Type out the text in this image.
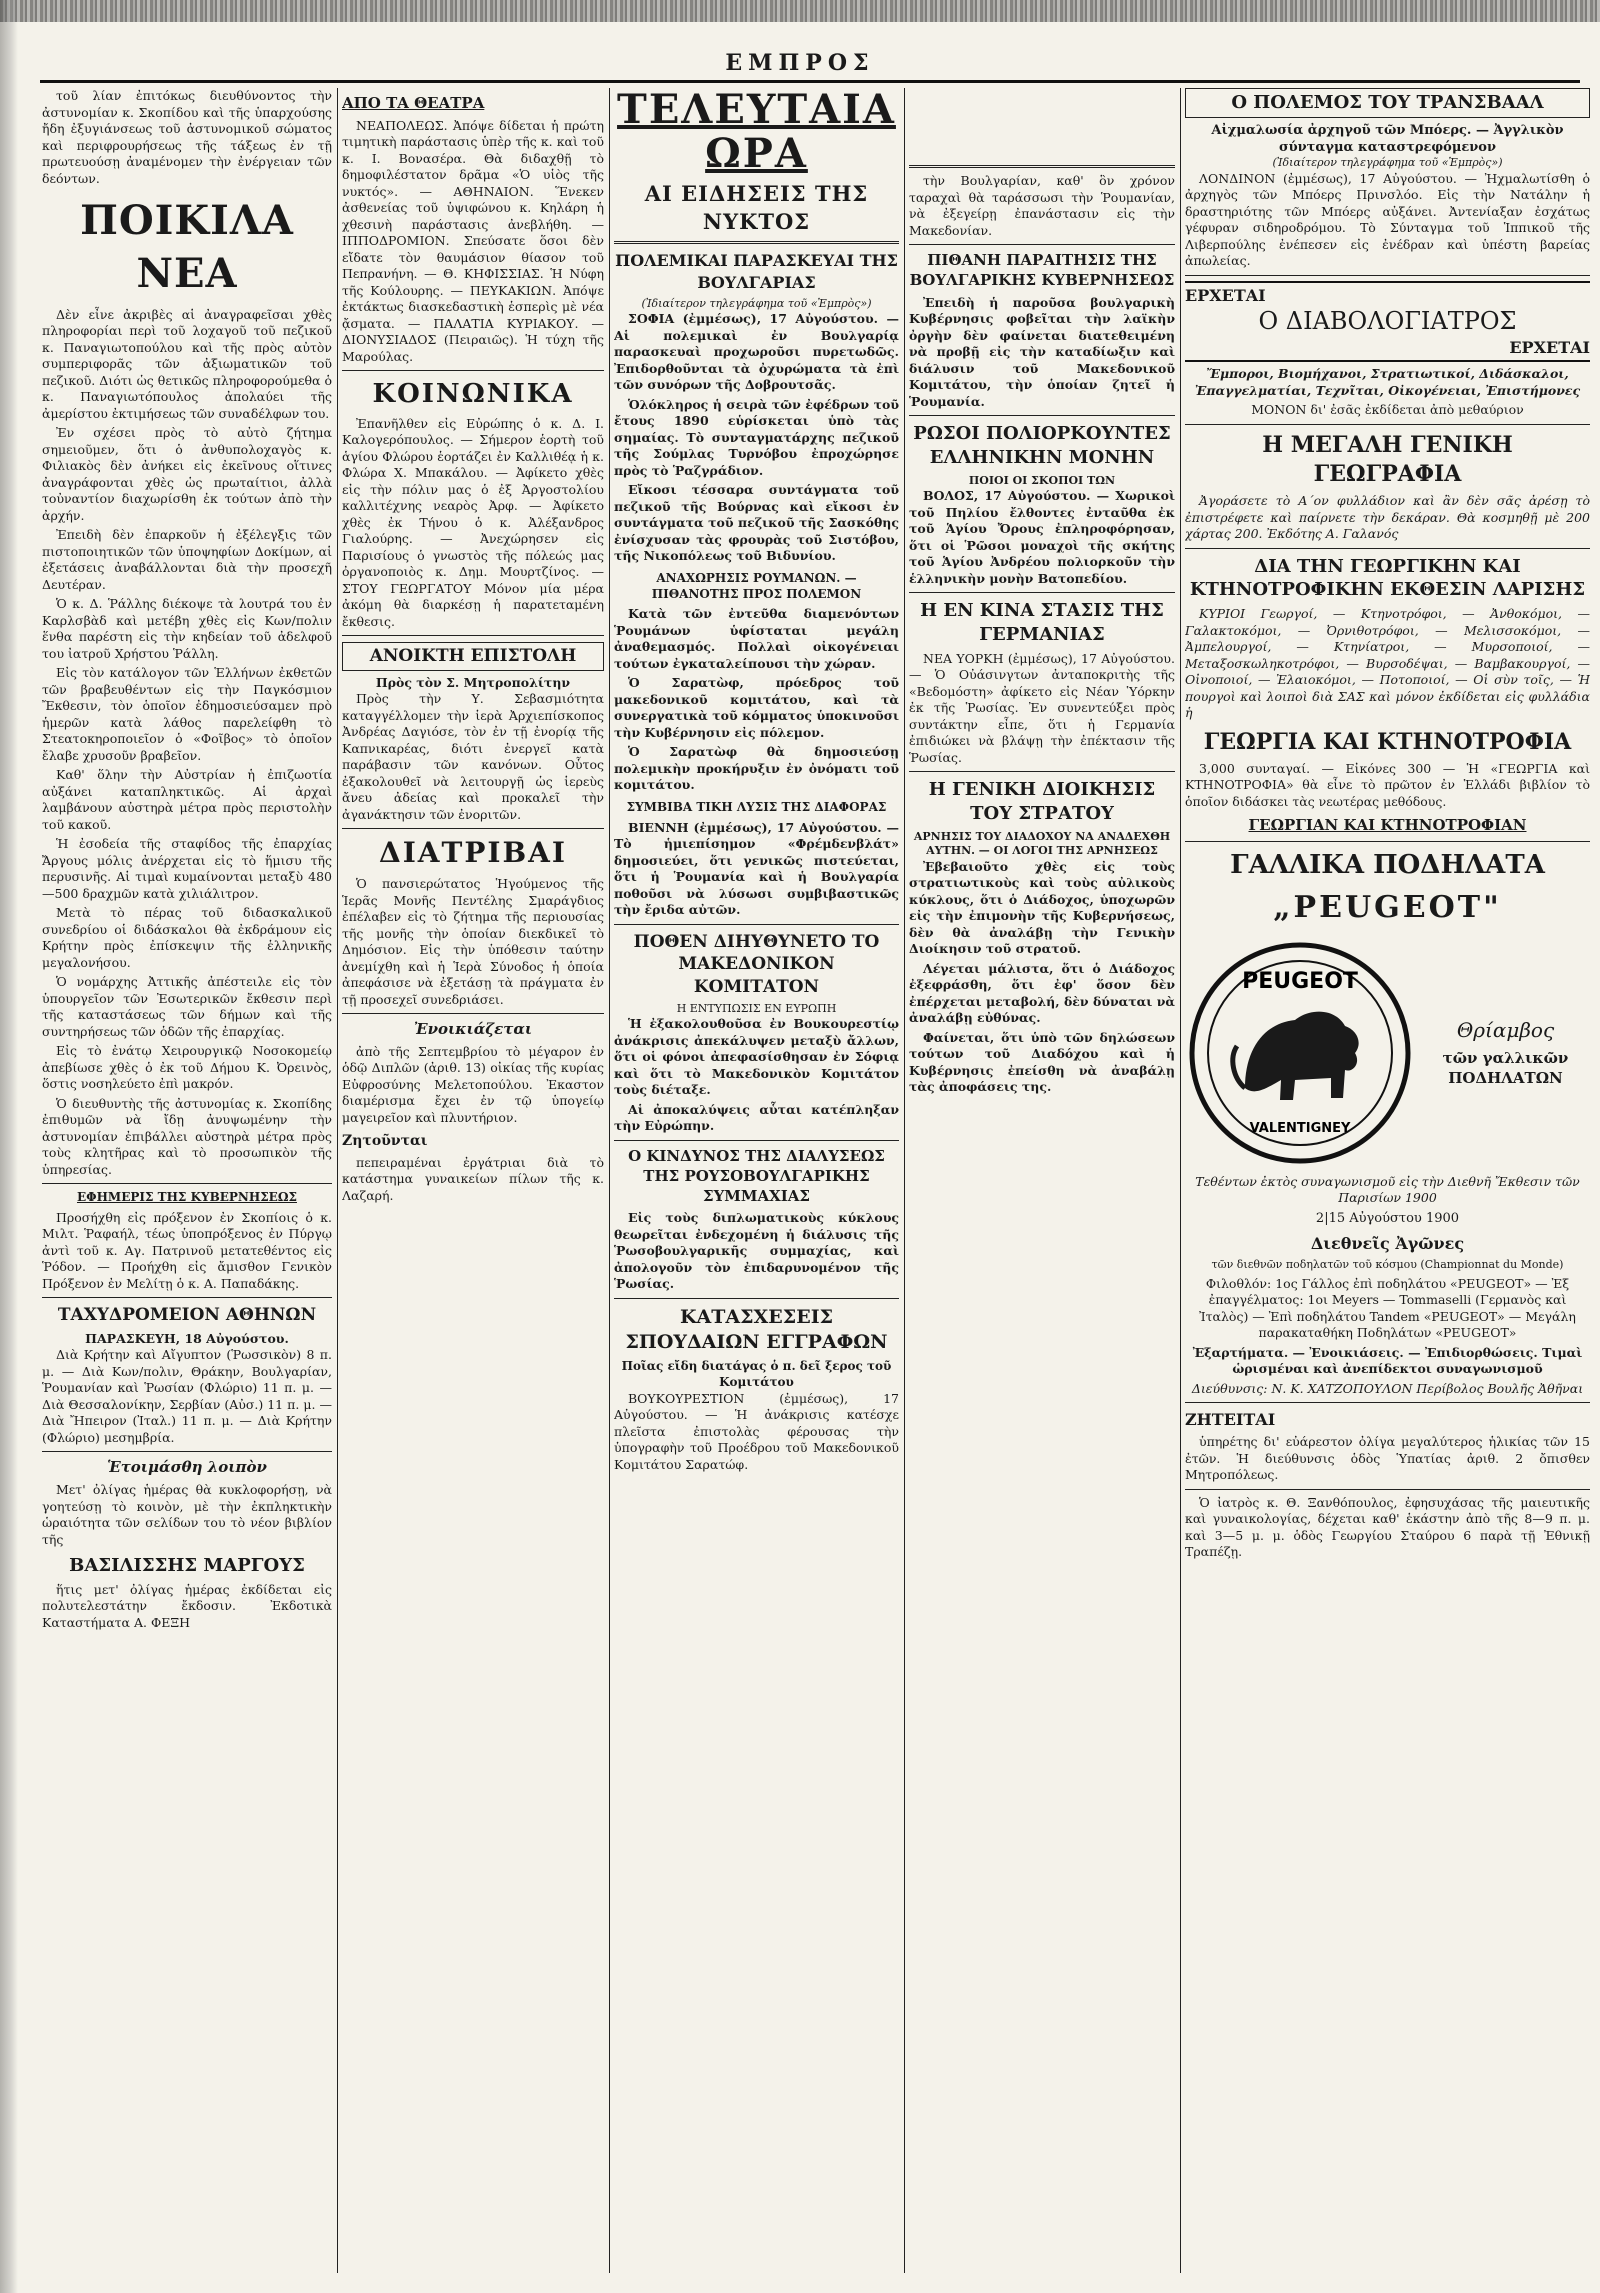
ΕΜΠΡΟΣ

τοῦ λίαν ἐπιτόκως διευθύνοντος τὴν ἀστυνομίαν κ. Σκοπίδου καὶ τῆς ὑπαρχούσης ἤδη ἐξυγιάνσεως τοῦ ἀστυνομικοῦ σώματος καὶ περιφρουρήσεως τῆς τάξεως ἐν τῇ πρωτευούσῃ ἀναμένομεν τὴν ἐνέργειαν τῶν δεόντων.

ΠΟΙΚΙΛΑ ΝΕΑ

Δὲν εἶνε ἀκριβὲς αἱ ἀναγραφεῖσαι χθὲς πληροφορίαι περὶ τοῦ λοχαγοῦ τοῦ πεζικοῦ κ. Παναγιωτοπούλου καὶ τῆς πρὸς αὐτὸν συμπεριφορᾶς τῶν ἀξιωματικῶν τοῦ πεζικοῦ. Διότι ὡς θετικῶς πληροφορούμεθα ὁ κ. Παναγιωτόπουλος ἀπολαύει τῆς ἀμερίστου ἐκτιμήσεως τῶν συναδέλφων του.

Ἐν σχέσει πρὸς τὸ αὐτὸ ζήτημα σημειοῦμεν, ὅτι ὁ ἀνθυπολοχαγὸς κ. Φιλιακὸς δὲν ἀνήκει εἰς ἐκεῖνους οἵτινες ἀναγράφονται χθὲς ὡς πρωταίτιοι, ἀλλὰ τοὐναντίον διαχωρίσθη ἐκ τούτων ἀπὸ τὴν ἀρχήν.

Ἐπειδὴ δὲν ἐπαρκοῦν ἡ ἐξέλεγξις τῶν πιστοποιητικῶν τῶν ὑποψηφίων Δοκίμων, αἱ ἐξετάσεις ἀναβάλλονται διὰ τὴν προσεχῆ Δευτέραν.

Ὁ κ. Δ. Ῥάλλης διέκοψε τὰ λουτρά του ἐν Καρλσβὰδ καὶ μετέβη χθὲς εἰς Κων/πολιν ἕνθα παρέστη εἰς τὴν κηδείαν τοῦ ἀδελφοῦ του ἰατροῦ Χρήστου Ῥάλλη.

Εἰς τὸν κατάλογον τῶν Ἑλλήνων ἐκθετῶν τῶν βραβευθέντων εἰς τὴν Παγκόσμιον Ἔκθεσιν, τὸν ὁποῖον ἐδημοσιεύσαμεν πρὸ ἡμερῶν κατὰ λάθος παρελείφθη τὸ Στεατοκηροποιεῖον ὁ «Φοῖβος» τὸ ὁποῖον ἔλαβε χρυσοῦν βραβεῖον.

Καθ' ὅλην τὴν Αὐστρίαν ἡ ἐπιζωοτία αὐξάνει καταπληκτικῶς. Αἱ ἀρχαὶ λαμβάνουν αὐστηρὰ μέτρα πρὸς περιστολὴν τοῦ κακοῦ.

Ἡ ἐσοδεία τῆς σταφίδος τῆς ἐπαρχίας Ἄργους μόλις ἀνέρχεται εἰς τὸ ἥμισυ τῆς περυσινῆς. Αἱ τιμαὶ κυμαίνονται μεταξὺ 480—500 δραχμῶν κατὰ χιλιάλιτρον.

Μετὰ τὸ πέρας τοῦ διδασκαλικοῦ συνεδρίου οἱ διδάσκαλοι θὰ ἐκδράμουν εἰς Κρήτην πρὸς ἐπίσκεψιν τῆς ἑλληνικῆς μεγαλονήσου.

Ὁ νομάρχης Ἀττικῆς ἀπέστειλε εἰς τὸν ὑπουργεῖον τῶν Ἐσωτερικῶν ἔκθεσιν περὶ τῆς καταστάσεως τῶν δήμων καὶ τῆς συντηρήσεως τῶν ὁδῶν τῆς ἐπαρχίας.

Εἰς τὸ ἐνάτῳ Χειρουργικῷ Νοσοκομείῳ ἀπεβίωσε χθὲς ὁ ἐκ τοῦ Δήμου Κ. Ὀρεινὸς, ὅστις νοσηλεύετο ἐπὶ μακρόν.

Ὁ διευθυντὴς τῆς ἀστυνομίας κ. Σκοπίδης ἐπιθυμῶν νὰ ἴδῃ ἀνυψωμένην τὴν ἀστυνομίαν ἐπιβάλλει αὐστηρὰ μέτρα πρὸς τοὺς κλητῆρας καὶ τὸ προσωπικὸν τῆς ὑπηρεσίας.

ΕΦΗΜΕΡΙΣ ΤΗΣ ΚΥΒΕΡΝΗΣΕΩΣ

Προσήχθη εἰς πρόξενον ἐν Σκοπίοις ὁ κ. Μιλτ. Ῥαφαήλ, τέως ὑποπρόξενος ἐν Πύργῳ ἀντὶ τοῦ κ. Αγ. Πατρινοῦ μετατεθέντος εἰς Ῥόδον. — Προήχθη εἰς ἄμισθον Γενικὸν Πρόξενον ἐν Μελίτῃ ὁ κ. Α. Παπαδάκης.

ΤΑΧΥΔΡΟΜΕΙΟΝ ΑΘΗΝΩΝ
ΠΑΡΑΣΚΕΥΗ, 18 Αὐγούστου.

Διὰ Κρήτην καὶ Αἴγυπτον (Ῥωσσικὸν) 8 π. μ. — Διὰ Κων/πολιν, Θράκην, Βουλγαρίαν, Ῥουμανίαν καὶ Ῥωσίαν (Φλώριο) 11 π. μ. — Διὰ Θεσσαλονίκην, Σερβίαν (Αὐσ.) 11 π. μ. — Διὰ Ἤπειρον (Ἰταλ.) 11 π. μ. — Διὰ Κρήτην (Φλώριο) μεσημβρία.

Ἑτοιμάσθη λοιπὸν

Μετ' ὀλίγας ἡμέρας θὰ κυκλοφορήσῃ, νὰ γοητεύσῃ τὸ κοινὸν, μὲ τὴν ἐκπληκτικὴν ὡραιότητα τῶν σελίδων του τὸ νέον βιβλίον τῆς

ΒΑΣΙΛΙΣΣΗΣ ΜΑΡΓΟΥΣ

ἥτις μετ' ὀλίγας ἡμέρας ἐκδίδεται εἰς πολυτελεστάτην ἔκδοσιν. Ἐκδοτικὰ Καταστήματα Α. ΦΕΞΗ

ΑΠΟ ΤΑ ΘΕΑΤΡΑ

ΝΕΑΠΟΛΕΩΣ. Ἀπόψε δίδεται ἡ πρώτη τιμητικὴ παράστασις ὑπὲρ τῆς κ. καὶ τοῦ κ. Ι. Βονασέρα. Θὰ διδαχθῇ τὸ δημοφιλέστατον δρᾶμα «Ὁ υἱὸς τῆς νυκτός». — ΑΘΗΝΑΙΟΝ. Ἕνεκεν ἀσθενείας τοῦ ὑψιφώνου κ. Κηλάρη ἡ χθεσινὴ παράστασις ἀνεβλήθη. — ΙΠΠΟΔΡΟΜΙΟΝ. Σπεύσατε ὅσοι δὲν εἴδατε τὸν θαυμάσιον θίασον τοῦ Πεπρανήνη. — Θ. ΚΗΦΙΣΣΙΑΣ. Ἡ Νύφη τῆς Κούλουρης. — ΠΕΥΚΑΚΙΩΝ. Ἀπόψε ἐκτάκτως διασκεδαστικὴ ἑσπερὶς μὲ νέα ᾄσματα. — ΠΑΛΑΤΙΑ ΚΥΡΙΑΚΟΥ. — ΔΙΟΝΥΣΙΑΔΟΣ (Πειραιῶς). Ἡ τύχη τῆς Μαρούλας.

ΚΟΙΝΩΝΙΚΑ

Ἐπανῆλθεν εἰς Εὐρώπης ὁ κ. Δ. Ι. Καλογερόπουλος. — Σήμερον ἑορτὴ τοῦ ἁγίου Φλώρου ἑορτάζει ἐν Καλλιθέᾳ ἡ κ. Φλώρα Χ. Μπακάλου. — Ἀφίκετο χθὲς εἰς τὴν πόλιν μας ὁ ἐξ Ἀργοστολίου καλλιτέχνης νεαρὸς Ἀρφ. — Ἀφίκετο χθὲς ἐκ Τήνου ὁ κ. Ἀλέξανδρος Γιαλούρης. — Ἀνεχώρησεν εἰς Παρισίους ὁ γνωστὸς τῆς πόλεώς μας ὀργανοποιὸς κ. Δημ. Μουρτζίνος. — ΣΤΟΥ ΓΕΩΡΓΑΤΟΥ Μόνον μία μέρα ἀκόμη θὰ διαρκέσῃ ἡ παρατεταμένη ἔκθεσις.

ΑΝΟΙΚΤΗ ΕΠΙΣΤΟΛΗ
Πρὸς τὸν Σ. Μητροπολίτην

Πρὸς τὴν Υ. Σεβασμιότητα καταγγέλλομεν τὴν ἱερὰ Ἀρχιεπίσκοπος Ἀνδρέας Δαγιόσε, τὸν ἐν τῇ ἐνορίᾳ τῆς Καπνικαρέας, διότι ἐνεργεῖ κατὰ παράβασιν τῶν κανόνων. Οὗτος ἐξακολουθεῖ νὰ λειτουργῇ ὡς ἱερεὺς ἄνευ ἀδείας καὶ προκαλεῖ τὴν ἀγανάκτησιν τῶν ἐνοριτῶν.

ΔΙΑΤΡΙΒΑΙ

Ὁ πανσιερώτατος Ἡγούμενος τῆς Ἱερᾶς Μονῆς Πεντέλης Σμαράγδιος ἐπέλαβεν εἰς τὸ ζήτημα τῆς περιουσίας τῆς μονῆς τὴν ὁποίαν διεκδικεῖ τὸ Δημόσιον. Εἰς τὴν ὑπόθεσιν ταύτην ἀνεμίχθη καὶ ἡ Ἱερὰ Σύνοδος ἡ ὁποία ἀπεφάσισε νὰ ἐξετάσῃ τὰ πράγματα ἐν τῇ προσεχεῖ συνεδριάσει.

Ἐνοικιάζεται

ἀπὸ τῆς Σεπτεμβρίου τὸ μέγαρον ἐν ὁδῷ Διπλῶν (ἀριθ. 13) οἰκίας τῆς κυρίας Εὐφροσύνης Μελετοπούλου. Ἐκαστον διαμέρισμα ἔχει ἐν τῷ ὑπογείῳ μαγειρεῖον καὶ πλυντήριον.

Ζητοῦνται

πεπειραμέναι ἐργάτριαι διὰ τὸ κατάστημα γυναικείων πίλων τῆς κ. Λαζαρή.

ΤΕΛΕΥΤΑΙΑ ΩΡΑ
ΑΙ ΕΙΔΗΣΕΙΣ ΤΗΣ ΝΥΚΤΟΣ
ΠΟΛΕΜΙΚΑΙ ΠΑΡΑΣΚΕΥΑΙ ΤΗΣ ΒΟΥΛΓΑΡΙΑΣ
(Ἰδιαίτερον τηλεγράφημα τοῦ «Ἐμπρὸς»)

ΣΟΦΙΑ (ἐμμέσως), 17 Αὐγούστου. — Αἱ πολεμικαὶ ἐν Βουλγαρίᾳ παρασκευαὶ προχωροῦσι πυρετωδῶς. Ἐπιδορθοῦνται τὰ ὀχυρώματα τὰ ἐπὶ τῶν συνόρων τῆς Δοβρουτσᾶς.

Ὁλόκληρος ἡ σειρὰ τῶν ἐφέδρων τοῦ ἔτους 1890 εὑρίσκεται ὑπὸ τὰς σημαίας. Τὸ συνταγματάρχης πεζικοῦ τῆς Σούμλας Τυρνόβου ἐπροχώρησε πρὸς τὸ Ῥαζγράδιον.

Εἴκοσι τέσσαρα συντάγματα τοῦ πεζικοῦ τῆς Βούρνας καὶ εἴκοσι ἐν συντάγματα τοῦ πεζικοῦ τῆς Σασκόθης ἐνίσχυσαν τὰς φρουρὰς τοῦ Σιστόβου, τῆς Νικοπόλεως τοῦ Βιδυνίου.

ΑΝΑΧΩΡΗΣΙΣ ΡΟΥΜΑΝΩΝ. — ΠΙΘΑΝΟΤΗΣ ΠΡΟΣ ΠΟΛΕΜΟΝ

Κατὰ τῶν ἐντεῦθα διαμενόντων Ῥουμάνων ὑφίσταται μεγάλη ἀναθεμασμός. Πολλαὶ οἰκογένειαι τούτων ἐγκαταλείπουσι τὴν χώραν.

Ὁ Σαρατὼφ, πρόεδρος τοῦ μακεδονικοῦ κομιτάτου, καὶ τὰ συνεργατικὰ τοῦ κόμματος ὑποκινοῦσι τὴν Κυβέρνησιν εἰς πόλεμον.

Ὁ Σαρατὼφ θὰ δημοσιεύσῃ πολεμικὴν προκήρυξιν ἐν ὀνόματι τοῦ κομιτάτου.

ΣΥΜΒΙΒΑ ΤΙΚΗ ΛΥΣΙΣ ΤΗΣ ΔΙΑΦΟΡΑΣ

ΒΙΕΝΝΗ (ἐμμέσως), 17 Αὐγούστου. — Τὸ ἡμιεπίσημον «Φρέμδενβλάτ» δημοσιεύει, ὅτι γενικῶς πιστεύεται, ὅτι ἡ Ῥουμανία καὶ ἡ Βουλγαρία ποθοῦσι νὰ λύσωσι συμβιβαστικῶς τὴν ἔριδα αὐτῶν.

ΠΟΘΕΝ ΔΙΗΥΘΥΝΕΤΟ ΤΟ ΜΑΚΕΔΟΝΙΚΟΝ ΚΟΜΙΤΑΤΟΝ
Η ΕΝΤΥΠΩΣΙΣ ΕΝ ΕΥΡΩΠΗ

Ἡ ἐξακολουθοῦσα ἐν Βουκουρεστίῳ ἀνάκρισις ἀπεκάλυψεν μεταξὺ ἄλλων, ὅτι οἱ φόνοι ἀπεφασίσθησαν ἐν Σόφιᾳ καὶ ὅτι τὸ Μακεδονικὸν Κομιτάτον τοὺς διέταξε.

Αἱ ἀποκαλύψεις αὗται κατέπληξαν τὴν Εὐρώπην.

Ο ΚΙΝΔΥΝΟΣ ΤΗΣ ΔΙΑΛΥΣΕΩΣ ΤΗΣ ΡΟΥΣΟΒΟΥΛΓΑΡΙΚΗΣ ΣΥΜΜΑΧΙΑΣ

Εἰς τοὺς διπλωματικοὺς κύκλους θεωρεῖται ἐνδεχομένη ἡ διάλυσις τῆς Ῥωσοβουλγαρικῆς συμμαχίας, καὶ ἀπολογοῦν τὸν ἐπιδαρυνομένον τῆς Ῥωσίας.

ΚΑΤΑΣΧΕΣΕΙΣ ΣΠΟΥΔΑΙΩΝ ΕΓΓΡΑΦΩΝ
Ποῖας εἴδη διατάγας ὁ π. δεῖ ξερος τοῦ Κομιτάτου

ΒΟΥΚΟΥΡΕΣΤΙΟΝ (ἐμμέσως), 17 Αὐγούστου. — Ἡ ἀνάκρισις κατέσχε πλεῖστα ἐπιστολὰς φέρουσας τὴν ὑπογραφὴν τοῦ Προέδρου τοῦ Μακεδονικοῦ Κομιτάτου Σαρατώφ.

τὴν Βουλγαρίαν, καθ' ὃν χρόνον ταραχαὶ θὰ ταράσσωσι τὴν Ῥουμανίαν, νὰ ἐξεγείρῃ ἐπανάστασιν εἰς τὴν Μακεδονίαν.

ΠΙΘΑΝΗ ΠΑΡΑΙΤΗΣΙΣ ΤΗΣ ΒΟΥΛΓΑΡΙΚΗΣ ΚΥΒΕΡΝΗΣΕΩΣ

Ἐπειδὴ ἡ παροῦσα βουλγαρικὴ Κυβέρνησις φοβεῖται τὴν λαϊκὴν ὀργὴν δὲν φαίνεται διατεθειμένη νὰ προβῇ εἰς τὴν καταδίωξιν καὶ διάλυσιν τοῦ Μακεδονικοῦ Κομιτάτου, τὴν ὁποίαν ζητεῖ ἡ Ῥουμανία.

ΡΩΣΟΙ ΠΟΛΙΟΡΚΟΥΝΤΕΣ ΕΛΛΗΝΙΚΗΝ ΜΟΝΗΝ
ΠΟΙΟΙ ΟΙ ΣΚΟΠΟΙ ΤΩΝ

ΒΟΛΟΣ, 17 Αὐγούστου. — Χωρικοὶ τοῦ Πηλίου ἔλθοντες ἐνταῦθα ἐκ τοῦ Ἁγίου Ὄρους ἐπληροφόρησαν, ὅτι οἱ Ῥῶσοι μοναχοὶ τῆς σκήτης τοῦ Ἁγίου Ἀνδρέου πολιορκοῦν τὴν ἑλληνικὴν μονὴν Βατοπεδίου.

Η ΕΝ ΚΙΝΑ ΣΤΑΣΙΣ ΤΗΣ ΓΕΡΜΑΝΙΑΣ

ΝΕΑ ΥΟΡΚΗ (ἐμμέσως), 17 Αὐγούστου. — Ὁ Οὐάσινγτων ἀνταποκριτὴς τῆς «Βεδομόστη» ἀφίκετο εἰς Νέαν Ὑόρκην ἐκ τῆς Ῥωσίας. Ἐν συνεντεύξει πρὸς συντάκτην εἶπε, ὅτι ἡ Γερμανία ἐπιδιώκει νὰ βλάψῃ τὴν ἐπέκτασιν τῆς Ῥωσίας.

Η ΓΕΝΙΚΗ ΔΙΟΙΚΗΣΙΣ ΤΟΥ ΣΤΡΑΤΟΥ
ΑΡΝΗΣΙΣ ΤΟΥ ΔΙΑΔΟΧΟΥ ΝΑ ΑΝΑΔΕΧΘΗ ΑΥΤΗΝ. — ΟΙ ΛΟΓΟΙ ΤΗΣ ΑΡΝΗΣΕΩΣ

Ἐβεβαιοῦτο χθὲς εἰς τοὺς στρατιωτικοὺς καὶ τοὺς αὐλικοὺς κύκλους, ὅτι ὁ Διάδοχος, ὑποχωρῶν εἰς τὴν ἐπιμονὴν τῆς Κυβερνήσεως, δὲν θὰ ἀναλάβῃ τὴν Γενικὴν Διοίκησιν τοῦ στρατοῦ.

Λέγεται μάλιστα, ὅτι ὁ Διάδοχος ἐξεφράσθη, ὅτι ἐφ' ὅσον δὲν ἐπέρχεται μεταβολή, δὲν δύναται νὰ ἀναλάβῃ εὐθύνας.

Φαίνεται, ὅτι ὑπὸ τῶν δηλώσεων τούτων τοῦ Διαδόχου καὶ ἡ Κυβέρνησις ἐπείσθη νὰ ἀναβάλῃ τὰς ἀποφάσεις της.

Ο ΠΟΛΕΜΟΣ ΤΟΥ ΤΡΑΝΣΒΑΑΛ
Αἰχμαλωσία ἀρχηγοῦ τῶν Μπόερς. — Ἀγγλικὸν σύνταγμα καταστρεφόμενον
(Ἰδιαίτερον τηλεγράφημα τοῦ «Ἐμπρὸς»)

ΛΟΝΔΙΝΟΝ (ἐμμέσως), 17 Αὐγούστου. — Ἠχμαλωτίσθη ὁ ἀρχηγὸς τῶν Μπόερς Πρινσλόο. Εἰς τὴν Νατάλην ἡ δραστηριότης τῶν Μπόερς αὐξάνει. Ἀντενίαξαν ἐσχάτως γέφυραν σιδηροδρόμου. Τὸ Σύνταγμα τοῦ Ἱππικοῦ τῆς Λιβερπούλης ἐνέπεσεν εἰς ἐνέδραν καὶ ὑπέστη βαρείας ἀπωλείας.

ΕΡΧΕΤΑΙ
Ο ΔΙΑΒΟΛΟΓΙΑΤΡΟΣ
ΕΡΧΕΤΑΙ

Ἔμποροι, Βιομήχανοι, Στρατιωτικοί, Διδάσκαλοι, Ἐπαγγελματίαι, Τεχνῖται, Οἰκογένειαι, Ἐπιστήμονες

ΜΟΝΟΝ δι' ἐσᾶς ἐκδίδεται ἀπὸ μεθαύριον

Η ΜΕΓΑΛΗ ΓΕΝΙΚΗ ΓΕΩΓΡΑΦΙΑ

Ἀγοράσετε τὸ Α΄ον φυλλάδιον καὶ ἂν δὲν σᾶς ἀρέσῃ τὸ ἐπιστρέφετε καὶ παίρνετε τὴν δεκάραν. Θὰ κοσμηθῇ μὲ 200 χάρτας 200. Ἐκδότης Α. Γαλανός

ΔΙΑ ΤΗΝ ΓΕΩΡΓΙΚΗΝ ΚΑΙ ΚΤΗΝΟΤΡΟΦΙΚΗΝ ΕΚΘΕΣΙΝ ΛΑΡΙΣΗΣ

ΚΥΡΙΟΙ Γεωργοί, — Κτηνοτρόφοι, — Ἀνθοκόμοι, — Γαλακτοκόμοι, — Ὀρνιθοτρόφοι, — Μελισσοκόμοι, — Ἀμπελουργοί, — Κτηνίατροι, — Μυρσοποιοί, — Μεταξοσκωληκοτρόφοι, — Βυρσοδέψαι, — Βαμβακουργοί, — Οἰνοποιοί, — Ἐλαιοκόμοι, — Ποτοποιοί, — Οἱ σὺν τοῖς, — Ἡ πουργοὶ καὶ λοιποὶ διὰ ΣΑΣ καὶ μόνον ἐκδίδεται εἰς φυλλάδια ἡ

ΓΕΩΡΓΙΑ ΚΑΙ ΚΤΗΝΟΤΡΟΦΙΑ

3,000 συνταγαί. — Εἰκόνες 300 — Ἡ «ΓΕΩΡΓΙΑ καὶ ΚΤΗΝΟΤΡΟΦΙΑ» θὰ εἶνε τὸ πρῶτον ἐν Ἑλλάδι βιβλίον τὸ ὁποῖον διδάσκει τὰς νεωτέρας μεθόδους.

ΓΕΩΡΓΙΑΝ ΚΑΙ ΚΤΗΝΟΤΡΟΦΙΑΝ
ΓΑΛΛΙΚΑ ΠΟΔΗΛΑΤΑ
„PEUGEOT"
PEUGEOT
VALENTIGNEY
Θρίαμβος
τῶν γαλλικῶν ΠΟΔΗΛΑΤΩΝ

Τεθέντων ἐκτὸς συναγωνισμοῦ εἰς τὴν Διεθνῆ Ἔκθεσιν τῶν Παρισίων 1900

2|15 Αὐγούστου 1900
Διεθνεῖς Ἀγῶνες

τῶν διεθνῶν ποδηλατῶν τοῦ κόσμου (Championnat du Monde)

Φιλοθλόν: 1ος Γάλλος ἐπὶ ποδηλάτου «PEUGEOT» — Ἐξ ἐπαγγέλματος: 1οι Meyers — Tommaselli (Γερμανὸς καὶ Ἰταλὸς) — Ἐπὶ ποδηλάτου Tandem «PEUGEOT» — Μεγάλη παρακαταθήκη Ποδηλάτων «PEUGEOT»

Ἐξαρτήματα. — Ἐνοικιάσεις. — Ἐπιδιορθώσεις. Τιμαὶ ὡρισμέναι καὶ ἀνεπίδεκτοι συναγωνισμοῦ

Διεύθυνσις: Ν. Κ. ΧΑΤΖΟΠΟΥΛΟΝ Περίβολος Βουλῆς Ἀθῆναι

ΖΗΤΕΙΤΑΙ

ὑπηρέτης δι' εὐάρεστον ὀλίγα μεγαλύτερος ἡλικίας τῶν 15 ἐτῶν. Ἡ διεύθυνσις ὁδὸς Ὑπατίας ἀριθ. 2 ὄπισθεν Μητροπόλεως.

Ὁ ἰατρὸς κ. Θ. Ξανθόπουλος, ἐφησυχάσας τῆς μαιευτικῆς καὶ γυναικολογίας, δέχεται καθ' ἑκάστην ἀπὸ τῆς 8—9 π. μ. καὶ 3—5 μ. μ. ὁδὸς Γεωργίου Σταύρου 6 παρὰ τῇ Ἐθνικῇ Τραπέζῃ.
